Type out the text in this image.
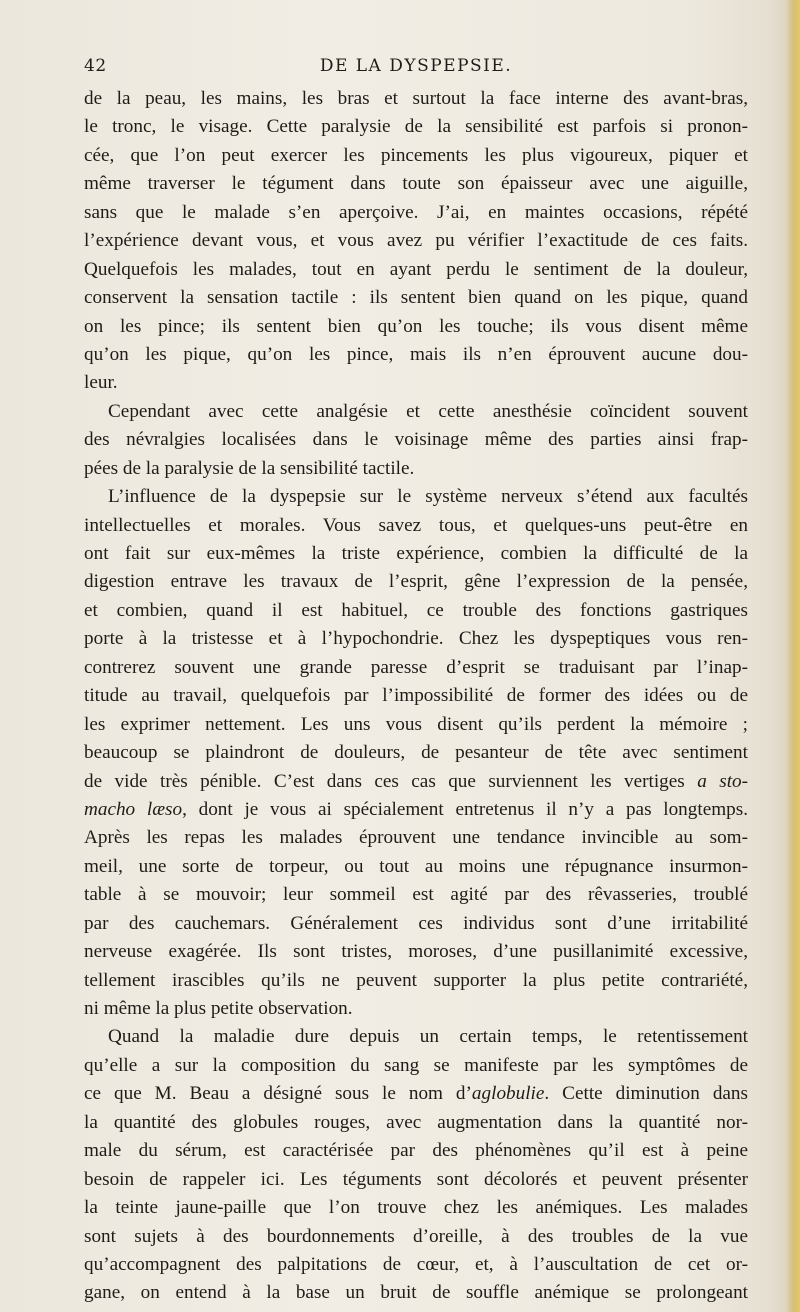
42	DE LA DYSPEPSIE.
de la peau, les mains, les bras et surtout la face interne des avant-bras,
le tronc, le visage. Cette paralysie de la sensibilité est parfois si pronon-
cée, que l’on peut exercer les pincements les plus vigoureux, piquer et
même traverser le tégument dans toute son épaisseur avec une aiguille,
sans que le malade s’en aperçoive. J’ai, en maintes occasions, répété
l’expérience devant vous, et vous avez pu vérifier l’exactitude de ces faits.
Quelquefois les malades, tout en ayant perdu le sentiment de la douleur,
conservent la sensation tactile : ils sentent bien quand on les pique, quand
on les pince; ils sentent bien qu’on les touche; ils vous disent même
qu’on les pique, qu’on les pince, mais ils n’en éprouvent aucune dou-
leur.
Cependant avec cette analgésie et cette anesthésie coïncident souvent
des névralgies localisées dans le voisinage même des parties ainsi frap-
pées de la paralysie de la sensibilité tactile.
L’influence de la dyspepsie sur le système nerveux s’étend aux facultés
intellectuelles et morales. Vous savez tous, et quelques-uns peut-être en
ont fait sur eux-mêmes la triste expérience, combien la difficulté de la
digestion entrave les travaux de l’esprit, gêne l’expression de la pensée,
et combien, quand il est habituel, ce trouble des fonctions gastriques
porte à la tristesse et à l’hypochondrie. Chez les dyspeptiques vous ren-
contrerez souvent une grande paresse d’esprit se traduisant par l’inap-
titude au travail, quelquefois par l’impossibilité de former des idées ou de
les exprimer nettement. Les uns vous disent qu’ils perdent la mémoire ;
beaucoup se plaindront de douleurs, de pesanteur de tête avec sentiment
de vide très pénible. C’est dans ces cas que surviennent les vertiges a sto-
macho læso, dont je vous ai spécialement entretenus il n’y a pas longtemps.
Après les repas les malades éprouvent une tendance invincible au som-
meil, une sorte de torpeur, ou tout au moins une répugnance insurmon-
table à se mouvoir; leur sommeil est agité par des rêvasseries, troublé
par des cauchemars. Généralement ces individus sont d’une irritabilité
nerveuse exagérée. Ils sont tristes, moroses, d’une pusillanimité excessive,
tellement irascibles qu’ils ne peuvent supporter la plus petite contrariété,
ni même la plus petite observation.
Quand la maladie dure depuis un certain temps, le retentissement
qu’elle a sur la composition du sang se manifeste par les symptômes de
ce que M. Beau a désigné sous le nom d’aglobulie. Cette diminution dans
la quantité des globules rouges, avec augmentation dans la quantité nor-
male du sérum, est caractérisée par des phénomènes qu’il est à peine
besoin de rappeler ici. Les téguments sont décolorés et peuvent présenter
la teinte jaune-paille que l’on trouve chez les anémiques. Les malades
sont sujets à des bourdonnements d’oreille, à des troubles de la vue
qu’accompagnent des palpitations de cœur, et, à l’auscultation de cet or-
gane, on entend à la base un bruit de souffle anémique se prolongeant
